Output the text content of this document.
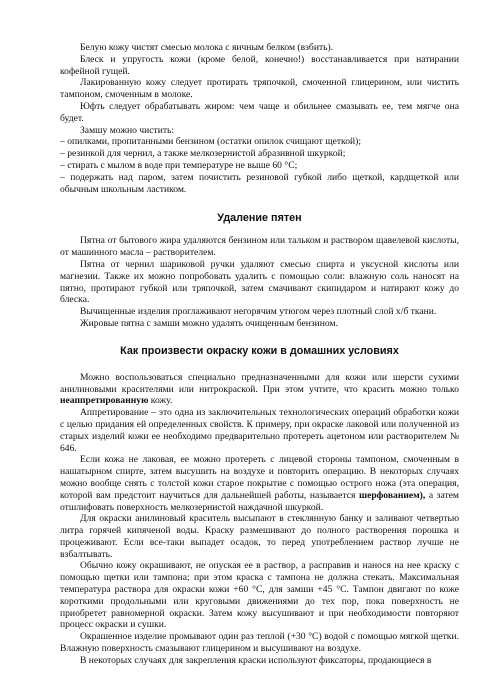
Белую кожу чистят смесью молока с яичным белком (взбить).

Блеск и упругость кожи (кроме белой, конечно!) восстанавливается при натирании кофейной гущей.

Лакированную кожу следует протирать тряпочкой, смоченной глицерином, или чистить тампоном, смоченным в молоке.

Юфть следует обрабатывать жиром: чем чаще и обильнее смазывать ее, тем мягче она будет.

Замшу можно чистить:

– опилками, пропитанными бензином (остатки опилок счищают щеткой);

– резинкой для чернил, а также мелкозернистой абразивной шкуркой;

– стирать с мылом в воде при температуре не выше 60 °С;

– подержать над паром, затем почистить резиновой губкой либо щеткой, кардщеткой или обычным школьным ластиком.

Удаление пятен

Пятна от бытового жира удаляются бензином или тальком и раствором щавелевой кислоты, от машинного масла – растворителем.

Пятна от чернил шариковой ручки удаляют смесью спирта и уксусной кислоты или магнезии. Также их можно попробовать удалить с помощью соли: влажную соль наносят на пятно, протирают губкой или тряпочкой, затем смачивают скипидаром и натирают кожу до блеска.

Вычищенные изделия проглаживают негорячим утюгом через плотный слой х/б ткани.

Жировые пятна с замши можно удалять очищенным бензином.

Как произвести окраску кожи в домашних условиях

Можно воспользоваться специально предназначенными для кожи или шерсти сухими анилиновыми красителями или нитрокраской. При этом учтите, что красить можно только неаппретированную кожу.

Аппретирование – это одна из заключительных технологических операций обработки кожи с целью придания ей определенных свойств. К примеру, при окраске лаковой или полученной из старых изделий кожи ее необходимо предварительно протереть ацетоном или растворителем № 646.

Если кожа не лаковая, ее можно протереть с лицевой стороны тампоном, смоченным в нашатырном спирте, затем высушить на воздухе и повторить операцию. В некоторых случаях можно вообще снять с толстой кожи старое покрытие с помощью острого ножа (эта операция, которой вам предстоит научиться для дальнейшей работы, называется шерфованием), а затем отшлифовать поверхность мелкозернистой наждачной шкуркой.

Для окраски анилиновый краситель высыпают в стеклянную банку и заливают четвертью литра горячей кипяченой воды. Краску размешивают до полного растворения порошка и процеживают. Если все-таки выпадет осадок, то перед употреблением раствор лучше не взбалтывать.

Обычно кожу окрашивают, не опуская ее в раствор, а расправив и нанося на нее краску с помощью щетки или тампона; при этом краска с тампона не должна стекать. Максимальная температура раствора для окраски кожи +60 °С, для замши +45 °С. Тампон двигают по коже короткими продольными или круговыми движениями до тех пор, пока поверхность не приобретет равномерной окраски. Затем кожу высушивают и при необходимости повторяют процесс окраски и сушки.

Окрашенное изделие промывают один раз теплой (+30 °С) водой с помощью мягкой щетки. Влажную поверхность смазывают глицерином и высушивают на воздухе.

В некоторых случаях для закрепления краски используют фиксаторы, продающиеся в
